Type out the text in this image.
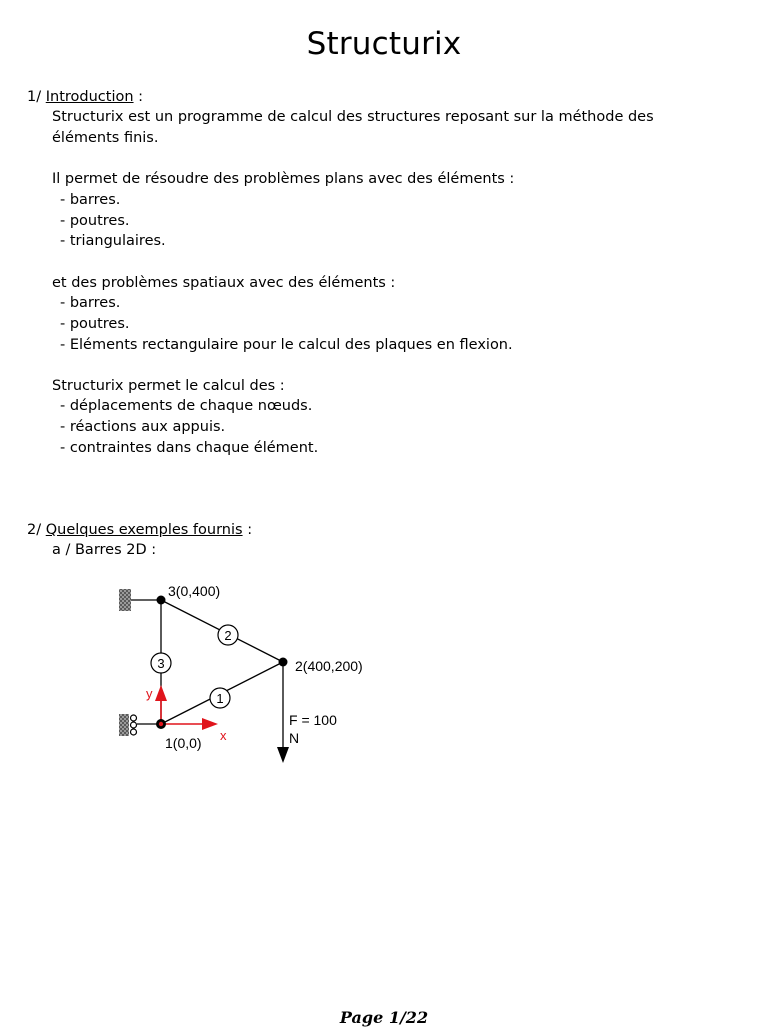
Structurix
1/ Introduction :
Structurix est un programme de calcul des structures reposant sur la méthode des
éléments finis.
Il permet de résoudre des problèmes plans avec des éléments :
- barres.
- poutres.
- triangulaires.
et des problèmes spatiaux avec des éléments :
- barres.
- poutres.
- Eléments rectangulaire pour le calcul des plaques en flexion.
Structurix permet le calcul des :
- déplacements de chaque nœuds.
- réactions aux appuis.
- contraintes dans chaque élément.
2/ Quelques exemples fournis :
a / Barres 2D :
x
y
3(0,400)
2(400,200)
1(0,0)
2
1
3
F = 100
N
Page 1/22
